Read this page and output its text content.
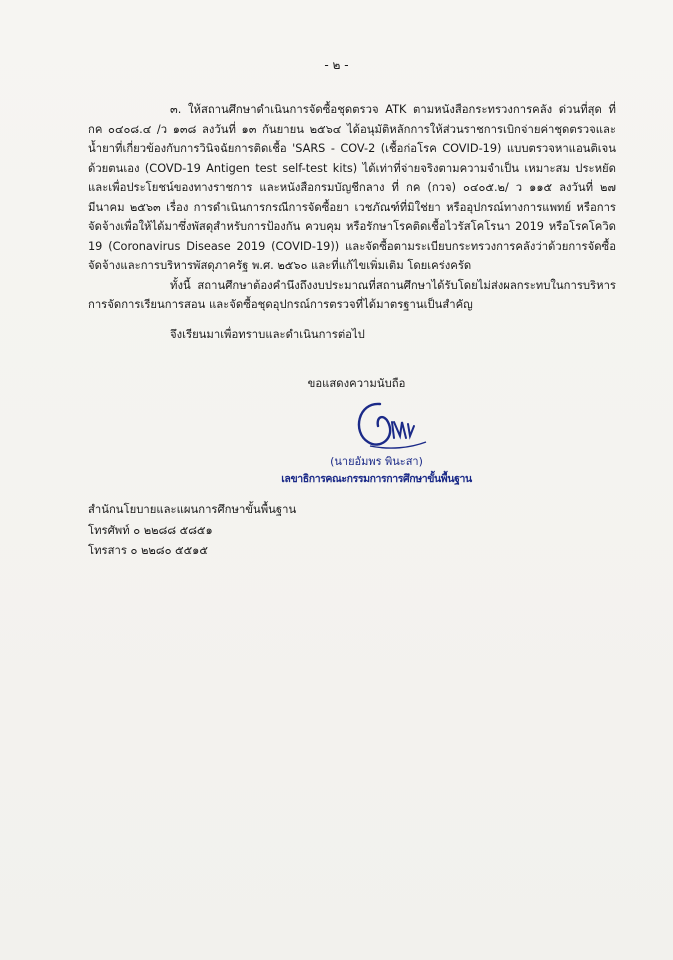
- ๒ -

๓. ให้สถานศึกษาดำเนินการจัดซื้อชุดตรวจ ATK ตามหนังสือกระทรวงการคลัง ด่วนที่สุด ที่ กค ๐๔๐๘.๔ /ว ๑๓๘ ลงวันที่ ๑๓ กันยายน ๒๕๖๔ ได้อนุมัติหลักการให้ส่วนราชการเบิกจ่ายค่าชุดตรวจและน้ำยาที่เกี่ยวข้องกับการวินิจฉัยการติดเชื้อ 'SARS - COV-2 (เชื้อก่อโรค COVID-19) แบบตรวจหาแอนติเจนด้วยตนเอง (COVD-19 Antigen test self-test kits) ได้เท่าที่จ่ายจริงตามความจำเป็น เหมาะสม ประหยัด และเพื่อประโยชน์ของทางราชการ และหนังสือกรมบัญชีกลาง ที่ กค (กวจ) ๐๔๐๕.๒/ ว ๑๑๕ ลงวันที่ ๒๗ มีนาคม ๒๕๖๓ เรื่อง การดำเนินการกรณีการจัดซื้อยา เวชภัณฑ์ที่มิใช่ยา หรืออุปกรณ์ทางการแพทย์ หรือการจัดจ้างเพื่อให้ได้มาซึ่งพัสดุสำหรับการป้องกัน ควบคุม หรือรักษาโรคติดเชื้อไวรัสโคโรนา 2019 หรือโรคโควิด 19 (Coronavirus Disease 2019 (COVID-19)) และจัดซื้อตามระเบียบกระทรวงการคลังว่าด้วยการจัดซื้อจัดจ้างและการบริหารพัสดุภาครัฐ พ.ศ. ๒๕๖๐ และที่แก้ไขเพิ่มเติม โดยเคร่งครัด

ทั้งนี้ สถานศึกษาต้องคำนึงถึงงบประมาณที่สถานศึกษาได้รับโดยไม่ส่งผลกระทบในการบริหารการจัดการเรียนการสอน และจัดซื้อชุดอุปกรณ์การตรวจที่ได้มาตรฐานเป็นสำคัญ

จึงเรียนมาเพื่อทราบและดำเนินการต่อไป

ขอแสดงความนับถือ
(นายอัมพร พินะสา)
เลขาธิการคณะกรรมการการศึกษาขั้นพื้นฐาน
สำนักนโยบายและแผนการศึกษาขั้นพื้นฐาน
โทรศัพท์ ๐ ๒๒๘๘ ๕๘๕๑
โทรสาร ๐ ๒๒๘๐ ๕๕๑๕
